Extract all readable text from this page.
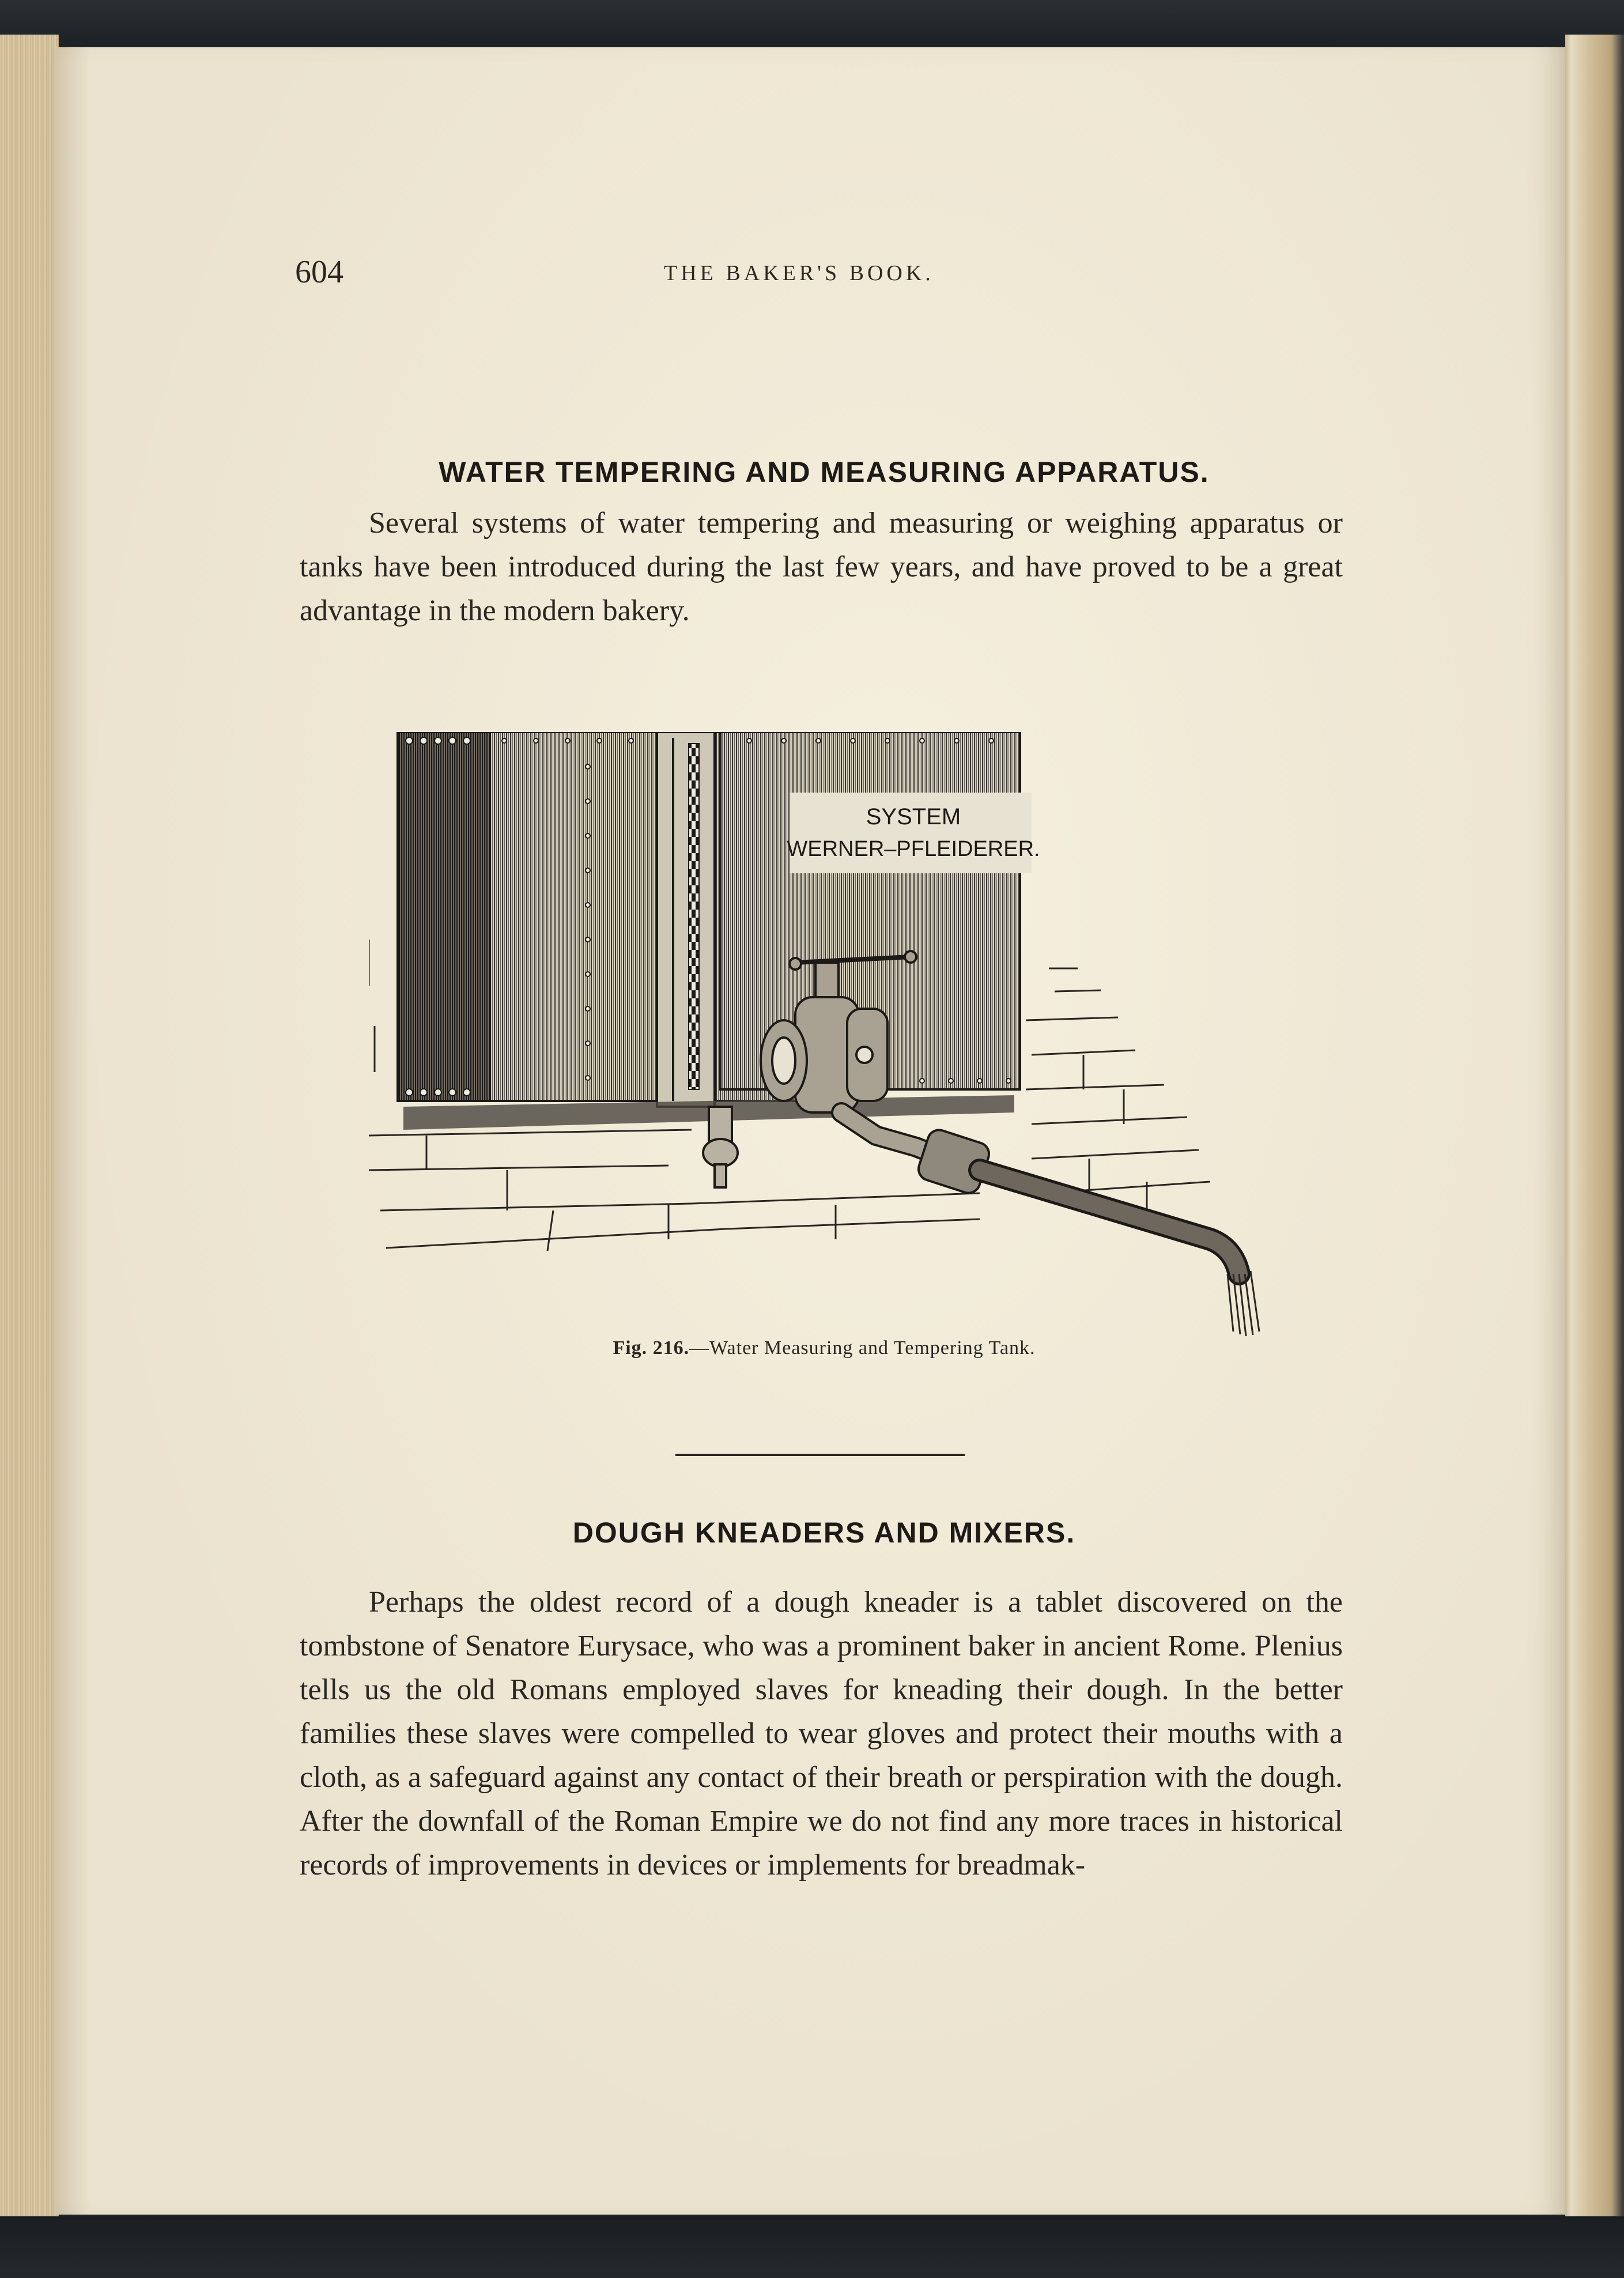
604	THE BAKER'S BOOK.
WATER TEMPERING AND MEASURING APPARATUS.

Several systems of water tempering and measuring or weighing apparatus or tanks have been introduced during the last few years, and have proved to be a great advantage in the modern bakery.

SYSTEM
WERNER–PFLEIDERER.
Fig. 216.—Water Measuring and Tempering Tank.
DOUGH KNEADERS AND MIXERS.

Perhaps the oldest record of a dough kneader is a tablet discovered on the tombstone of Senatore Eurysace, who was a prominent baker in ancient Rome. Plenius tells us the old Romans employed slaves for kneading their dough. In the better families these slaves were compelled to wear gloves and protect their mouths with a cloth, as a safeguard against any contact of their breath or perspiration with the dough. After the downfall of the Roman Empire we do not find any more traces in historical records of improvements in devices or implements for breadmak-
